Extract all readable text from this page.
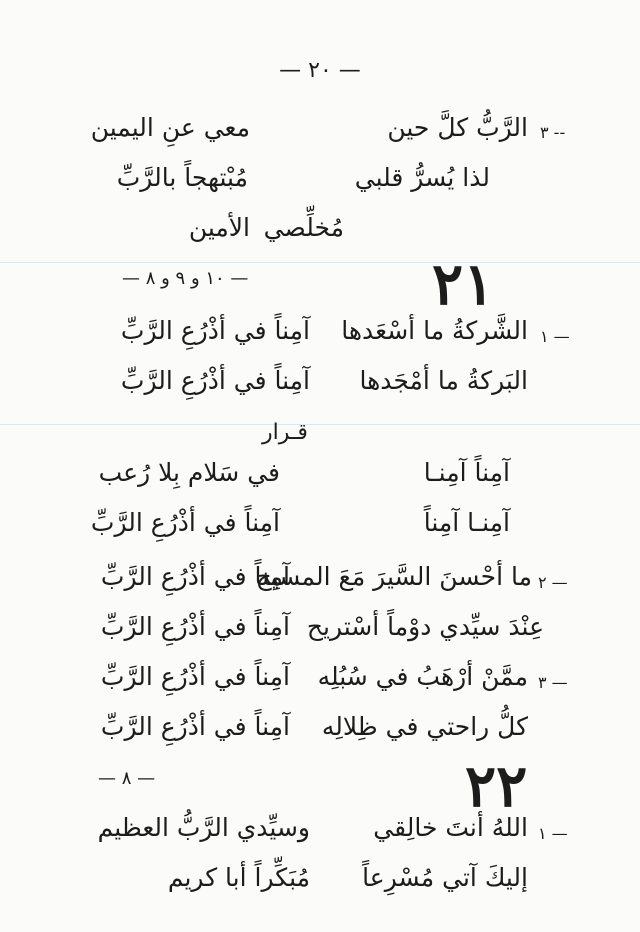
— ٢٠ —
٣ --
الرَّبُّ كلَّ حين
معي عنِ اليمين
لذا يُسرُّ قلبي
مُبْتهجاً بالرَّبِّ
مُخلِّصي
الأمين
٢١
— ١٠ و ٩ و ٨ —
١ —
الشَّركةُ ما أسْعَدها
آمِناً في أذْرُعِ الرَّبِّ
البَركةُ ما أمْجَدها
آمِناً في أذْرُعِ الرَّبِّ
قـرار
آمِناً آمِنـا
في سَلام بِلا رُعب
آمِنـا آمِناً
آمِناً في أذْرُعِ الرَّبِّ
٢ —
ما أحْسنَ السَّيرَ مَعَ المسيح
آمِناً في أذْرُعِ الرَّبِّ
عِنْدَ سيِّدي دوْماً أسْتريح
آمِناً في أذْرُعِ الرَّبِّ
٣ —
ممَّنْ أرْهَبُ في سُبُلِه
آمِناً في أذْرُعِ الرَّبِّ
كلُّ راحتي في ظِلالِه
آمِناً في أذْرُعِ الرَّبِّ
٢٢
— ٨ —
١ —
اللهُ أنتَ خالِقي
وسيِّدي الرَّبُّ العظيم
إليكَ آتي مُسْرِعاً
مُبَكِّراً أبا كريم
